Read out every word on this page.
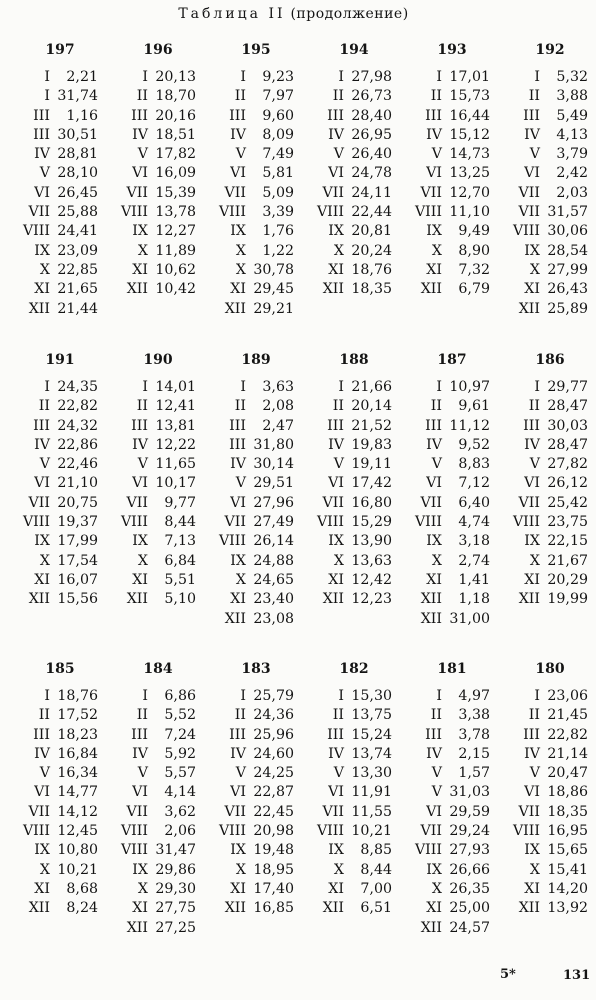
Таблица II (продолжение)
197
I	2,21
I 31,74
III	1,16
III 30,51
IV 28,81
V 28,10
VI 26,45
VII 25,88
VIII 24,41
IX 23,09
X 22,85
XI 21,65
XII 21,44
196
I 20,13
II 18,70
III 20,16
IV 18,51
V 17,82
VI 16,09
VII 15,39
VIII 13,78
IX 12,27
X 11,89
XI 10,62
XII 10,42
195
I	9,23
II	7,97
III	9,60
IV	8,09
V	7,49
VI	5,81
VII	5,09
VIII	3,39
IX	1,76
X	1,22
X 30,78
XI 29,45
XII 29,21
194
I 27,98
II 26,73
III 28,40
IV 26,95
V 26,40
VI 24,78
VII 24,11
VIII 22,44
IX 20,81
X 20,24
XI 18,76
XII 18,35
193
I 17,01
II 15,73
III 16,44
IV 15,12
V 14,73
VI 13,25
VII 12,70
VIII 11,10
IX	9,49
X	8,90
XI	7,32
XII	6,79
192
I	5,32
II	3,88
III	5,49
IV	4,13
V	3,79
VI	2,42
VII	2,03
VII 31,57
VIII 30,06
IX 28,54
X 27,99
XI 26,43
XII 25,89
191
I 24,35
II 22,82
III 24,32
IV 22,86
V 22,46
VI 21,10
VII 20,75
VIII 19,37
IX 17,99
X 17,54
XI 16,07
XII 15,56
190
I 14,01
II 12,41
III 13,81
IV 12,22
V 11,65
VI 10,17
VII	9,77
VIII	8,44
IX	7,13
X	6,84
XI	5,51
XII	5,10
189
I	3,63
II	2,08
III	2,47
III 31,80
IV 30,14
V 29,51
VI 27,96
VII 27,49
VIII 26,14
IX 24,88
X 24,65
XI 23,40
XII 23,08
188
I 21,66
II 20,14
III 21,52
IV 19,83
V 19,11
VI 17,42
VII 16,80
VIII 15,29
IX 13,90
X 13,63
XI 12,42
XII 12,23
187
I 10,97
II	9,61
III 11,12
IV	9,52
V	8,83
VI	7,12
VII	6,40
VIII	4,74
IX	3,18
X	2,74
XI	1,41
XII	1,18
XII 31,00
186
I 29,77
II 28,47
III 30,03
IV 28,47
V 27,82
VI 26,12
VII 25,42
VIII 23,75
IX 22,15
X 21,67
XI 20,29
XII 19,99
185
I 18,76
II 17,52
III 18,23
IV 16,84
V 16,34
VI 14,77
VII 14,12
VIII 12,45
IX 10,80
X 10,21
XI	8,68
XII	8,24
184
I	6,86
II	5,52
III	7,24
IV	5,92
V	5,57
VI	4,14
VII	3,62
VIII	2,06
VIII 31,47
IX 29,86
X 29,30
XI 27,75
XII 27,25
183
I 25,79
II 24,36
III 25,96
IV 24,60
V 24,25
VI 22,87
VII 22,45
VIII 20,98
IX 19,48
X 18,95
XI 17,40
XII 16,85
182
I 15,30
II 13,75
III 15,24
IV 13,74
V 13,30
VI 11,91
VII 11,55
VIII 10,21
IX	8,85
X	8,44
XI	7,00
XII	6,51
181
I	4,97
II	3,38
III	3,78
IV	2,15
V	1,57
V 31,03
VI 29,59
VII 29,24
VIII 27,93
IX 26,66
X 26,35
XI 25,00
XII 24,57
180
I 23,06
II 21,45
III 22,82
IV 21,14
V 20,47
VI 18,86
VII 18,35
VIII 16,95
IX 15,65
X 15,41
XI 14,20
XII 13,92
5*	131
